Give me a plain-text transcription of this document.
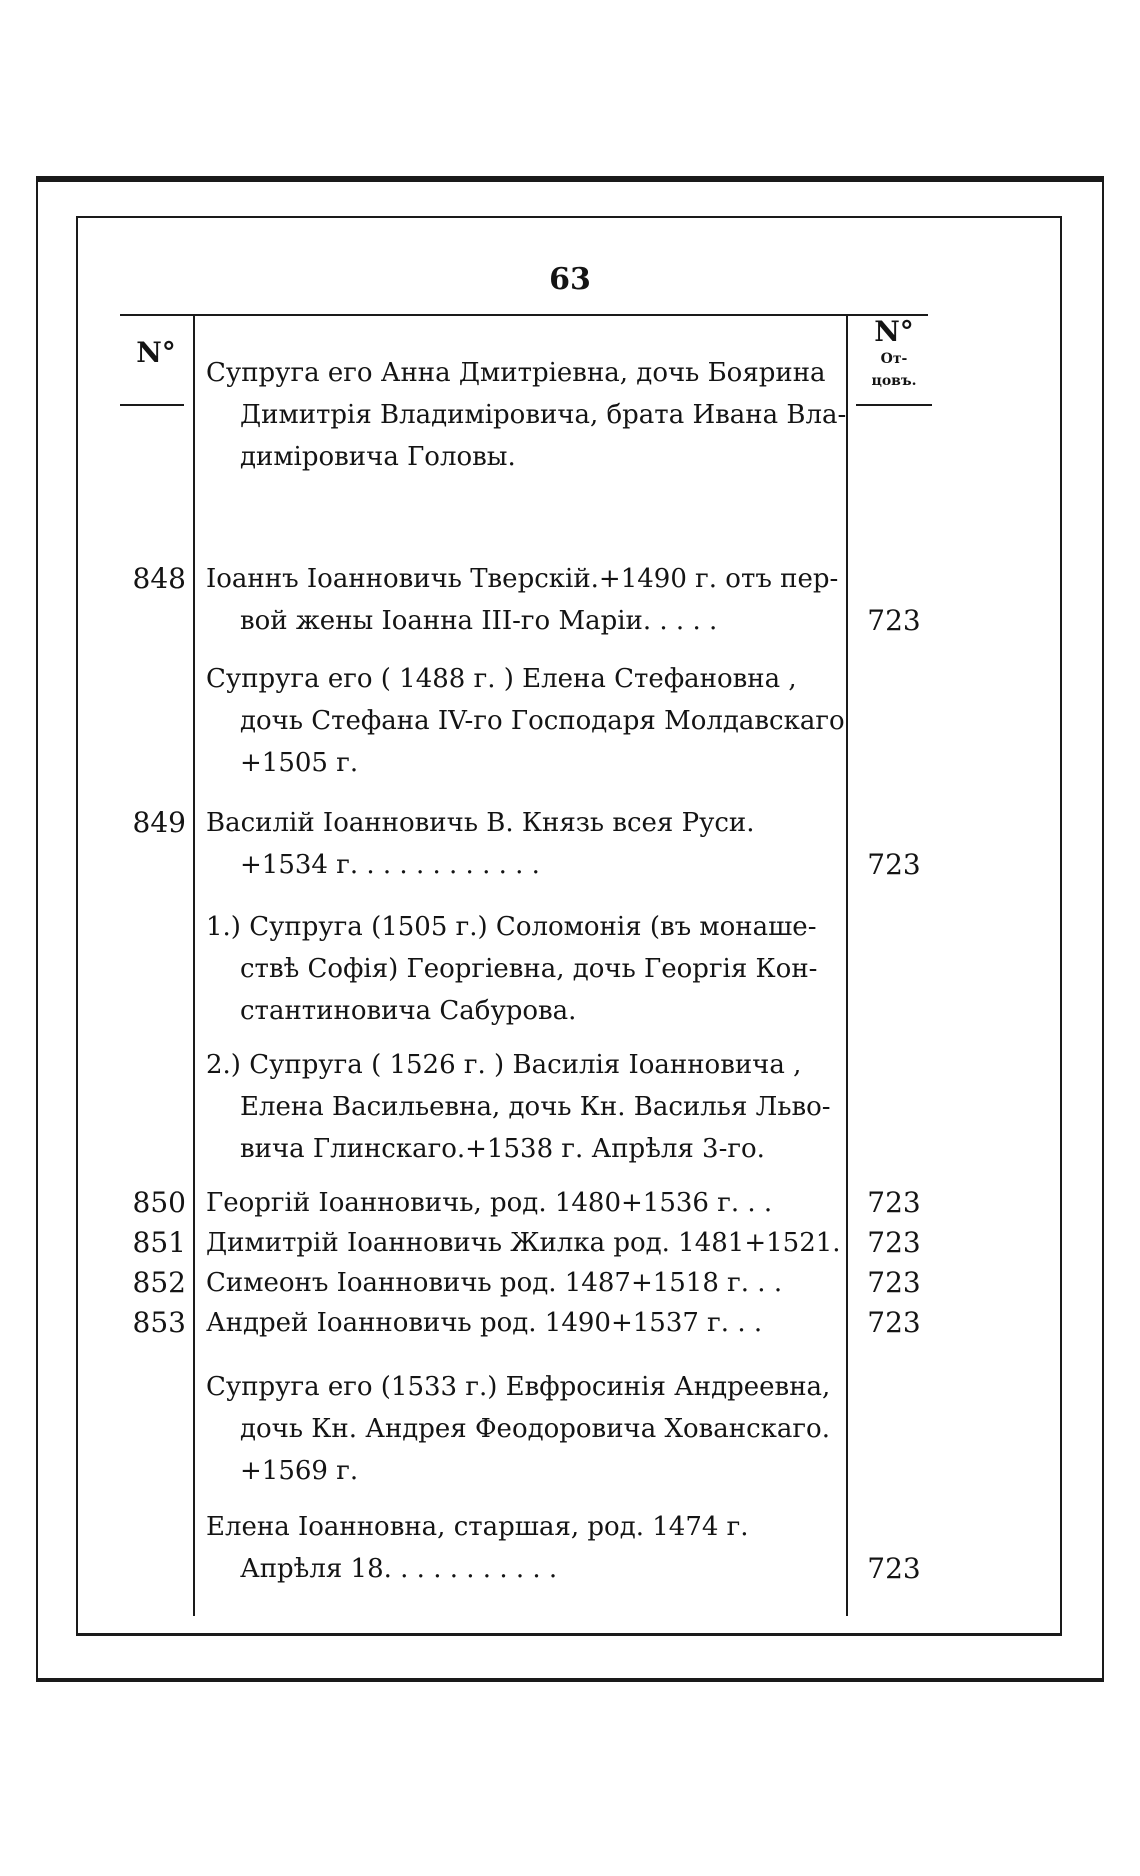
63
N°
N°
От-
цовъ.

Супруга его Анна Дмитріевна, дочь Боярина
Димитрія Владиміровича, брата Ивана Вла-
диміровича Головы.

848 Іоаннъ Іоанновичь Тверскій.+1490 г. отъ пер-
вой жены Іоанна III-го Маріи. . . . .	723

Супруга его ( 1488 г. ) Елена Стефановна ,
дочь Стефана IV-го Господаря Молдавскаго
+1505 г.

849 Василій Іоанновичь В. Князь всея Руси.
+1534 г. . . . . . . . . . . .	723

1.) Супруга (1505 г.) Соломонія (въ монаше-
ствѣ Софія) Георгіевна, дочь Георгія Кон-
стантиновича Сабурова.

2.) Супруга ( 1526 г. ) Василія Іоанновича ,
Елена Васильевна, дочь Кн. Василья Льво-
вича Глинскаго.+1538 г. Апрѣля 3-го.

850 Георгій Іоанновичь, род. 1480+1536 г. . .	723
851 Димитрій Іоанновичь Жилка род. 1481+1521. 723
852 Симеонъ Іоанновичь род. 1487+1518 г. . .	723
853 Андрей Іоанновичь род. 1490+1537 г. . .	723

Супруга его (1533 г.) Евфросинія Андреевна,
дочь Кн. Андрея Феодоровича Хованскаго.
+1569 г.

Елена Іоанновна, старшая, род. 1474 г.
Апрѣля 18. . . . . . . . . . .	723
